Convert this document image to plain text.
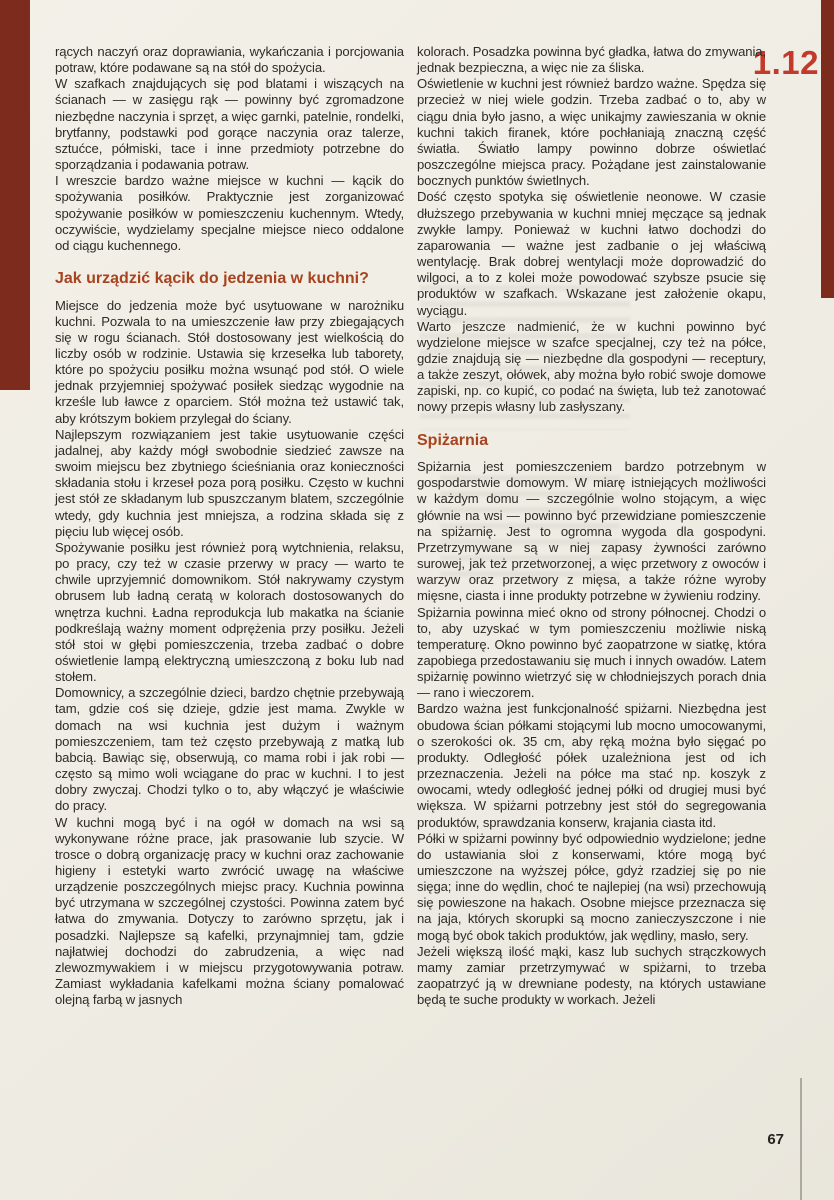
1.12

rących naczyń oraz doprawiania, wykańczania i porcjowania potraw, które podawane są na stół do spożycia.

W szafkach znajdujących się pod blatami i wiszących na ścianach — w zasięgu rąk — powinny być zgromadzone niezbędne naczynia i sprzęt, a więc garnki, patelnie, rondelki, brytfanny, podstawki pod gorące naczynia oraz talerze, sztućce, półmiski, tace i inne przedmioty potrzebne do sporządzania i podawania potraw.

I wreszcie bardzo ważne miejsce w kuchni — kącik do spożywania posiłków. Praktycznie jest zorganizować spożywanie posiłków w pomieszczeniu kuchennym. Wtedy, oczywiście, wydzielamy specjalne miejsce nieco oddalone od ciągu kuchennego.

Jak urządzić kącik do jedzenia w kuchni?

Miejsce do jedzenia może być usytuowane w narożniku kuchni. Pozwala to na umieszczenie ław przy zbiegających się w rogu ścianach. Stół dostosowany jest wielkością do liczby osób w rodzinie. Ustawia się krzesełka lub taborety, które po spożyciu posiłku można wsunąć pod stół. O wiele jednak przyjemniej spożywać posiłek siedząc wygodnie na krześle lub ławce z oparciem. Stół można też ustawić tak, aby krótszym bokiem przylegał do ściany.

Najlepszym rozwiązaniem jest takie usytuowanie części jadalnej, aby każdy mógł swobodnie siedzieć zawsze na swoim miejscu bez zbytniego ścieśniania oraz konieczności składania stołu i krzeseł poza porą posiłku. Często w kuchni jest stół ze składanym lub spuszczanym blatem, szczególnie wtedy, gdy kuchnia jest mniejsza, a rodzina składa się z pięciu lub więcej osób.

Spożywanie posiłku jest również porą wytchnienia, relaksu, po pracy, czy też w czasie przerwy w pracy — warto te chwile uprzyjemnić domownikom. Stół nakrywamy czystym obrusem lub ładną ceratą w kolorach dostosowanych do wnętrza kuchni. Ładna reprodukcja lub makatka na ścianie podkreślają ważny moment odprężenia przy posiłku. Jeżeli stół stoi w głębi pomieszczenia, trzeba zadbać o dobre oświetlenie lampą elektryczną umieszczoną z boku lub nad stołem.

Domownicy, a szczególnie dzieci, bardzo chętnie przebywają tam, gdzie coś się dzieje, gdzie jest mama. Zwykle w domach na wsi kuchnia jest dużym i ważnym pomieszczeniem, tam też często przebywają z matką lub babcią. Bawiąc się, obserwują, co mama robi i jak robi — często są mimo woli wciągane do prac w kuchni. I to jest dobry zwyczaj. Chodzi tylko o to, aby włączyć je właściwie do pracy.

W kuchni mogą być i na ogół w domach na wsi są wykonywane różne prace, jak prasowanie lub szycie. W trosce o dobrą organizację pracy w kuchni oraz zachowanie higieny i estetyki warto zwrócić uwagę na właściwe urządzenie poszczególnych miejsc pracy. Kuchnia powinna być utrzymana w szczególnej czystości. Powinna zatem być łatwa do zmywania. Dotyczy to zarówno sprzętu, jak i posadzki. Najlepsze są kafelki, przynajmniej tam, gdzie najłatwiej dochodzi do zabrudzenia, a więc nad zlewozmywakiem i w miejscu przygotowywania potraw. Zamiast wykładania kafelkami można ściany pomalować olejną farbą w jasnych

kolorach. Posadzka powinna być gładka, łatwa do zmywania, jednak bezpieczna, a więc nie za śliska.

Oświetlenie w kuchni jest również bardzo ważne. Spędza się przecież w niej wiele godzin. Trzeba zadbać o to, aby w ciągu dnia było jasno, a więc unikajmy zawieszania w oknie kuchni takich firanek, które pochłaniają znaczną część światła. Światło lampy powinno dobrze oświetlać poszczególne miejsca pracy. Pożądane jest zainstalowanie bocznych punktów świetlnych.

Dość często spotyka się oświetlenie neonowe. W czasie dłuższego przebywania w kuchni mniej męczące są jednak zwykłe lampy. Ponieważ w kuchni łatwo dochodzi do zaparowania — ważne jest zadbanie o jej właściwą wentylację. Brak dobrej wentylacji może doprowadzić do wilgoci, a to z kolei może powodować szybsze psucie się produktów w szafkach. Wskazane jest założenie okapu, wyciągu.

Warto jeszcze nadmienić, że w kuchni powinno być wydzielone miejsce w szafce specjalnej, czy też na półce, gdzie znajdują się — niezbędne dla gospodyni — receptury, a także zeszyt, ołówek, aby można było robić swoje domowe zapiski, np. co kupić, co podać na święta, lub też zanotować nowy przepis własny lub zasłyszany.

Spiżarnia

Spiżarnia jest pomieszczeniem bardzo potrzebnym w gospodarstwie domowym. W miarę istniejących możliwości w każdym domu — szczególnie wolno stojącym, a więc głównie na wsi — powinno być przewidziane pomieszczenie na spiżarnię. Jest to ogromna wygoda dla gospodyni. Przetrzymywane są w niej zapasy żywności zarówno surowej, jak też przetworzonej, a więc przetwory z owoców i warzyw oraz przetwory z mięsa, a także różne wyroby mięsne, ciasta i inne produkty potrzebne w żywieniu rodziny.

Spiżarnia powinna mieć okno od strony północnej. Chodzi o to, aby uzyskać w tym pomieszczeniu możliwie niską temperaturę. Okno powinno być zaopatrzone w siatkę, która zapobiega przedostawaniu się much i innych owadów. Latem spiżarnię powinno wietrzyć się w chłodniejszych porach dnia — rano i wieczorem.

Bardzo ważna jest funkcjonalność spiżarni. Niezbędna jest obudowa ścian półkami stojącymi lub mocno umocowanymi, o szerokości ok. 35 cm, aby ręką można było sięgać po produkty. Odległość półek uzależniona jest od ich przeznaczenia. Jeżeli na półce ma stać np. koszyk z owocami, wtedy odległość jednej półki od drugiej musi być większa. W spiżarni potrzebny jest stół do segregowania produktów, sprawdzania konserw, krajania ciasta itd.

Półki w spiżarni powinny być odpowiednio wydzielone; jedne do ustawiania słoi z konserwami, które mogą być umieszczone na wyższej półce, gdyż rzadziej się po nie sięga; inne do wędlin, choć te najlepiej (na wsi) przechowują się powieszone na hakach. Osobne miejsce przeznacza się na jaja, których skorupki są mocno zanieczyszczone i nie mogą być obok takich produktów, jak wędliny, masło, sery.

Jeżeli większą ilość mąki, kasz lub suchych strączkowych mamy zamiar przetrzymywać w spiżarni, to trzeba zaopatrzyć ją w drewniane podesty, na których ustawiane będą te suche produkty w workach. Jeżeli

67
